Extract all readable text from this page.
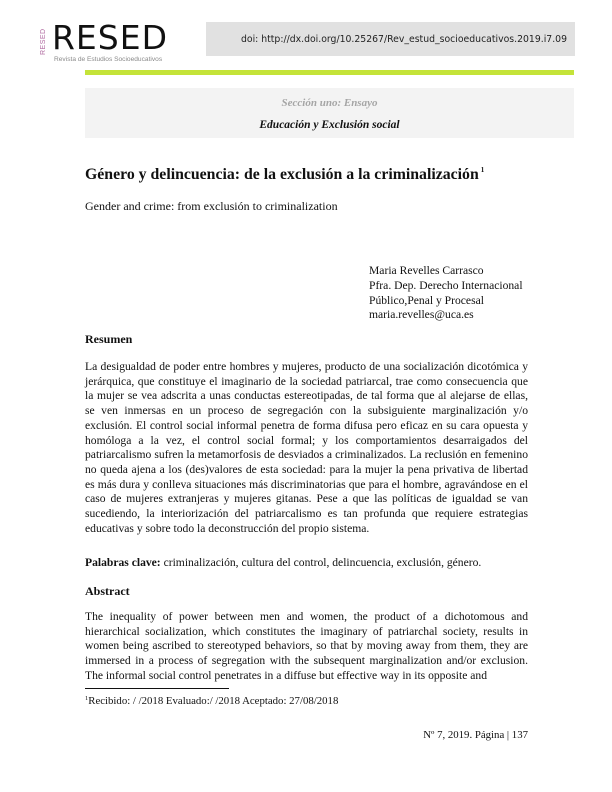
RESED RESED
Revista de Estudios Socioeducativos
doi: http://dx.doi.org/10.25267/Rev_estud_socioeducativos.2019.i7.09
Sección uno: Ensayo
Educación y Exclusión social
Género y delincuencia: de la exclusión a la criminalización $^1$
Gender and crime: from exclusión to criminalization
Maria Revelles Carrasco
Pfra. Dep. Derecho Internacional
Público,Penal y Procesal
maria.revelles@uca.es
Resumen
La desigualdad de poder entre hombres y mujeres, producto de una socialización dicotómica y jerárquica, que constituye el imaginario de la sociedad patriarcal, trae como consecuencia que la mujer se vea adscrita a unas conductas estereotipadas, de tal forma que al alejarse de ellas, se ven inmersas en un proceso de segregación con la subsiguiente marginalización y/o exclusión. El control social informal penetra de forma difusa pero eficaz en su cara opuesta y homóloga a la vez, el control social formal; y los comportamientos desarraigados del patriarcalismo sufren la metamorfosis de desviados a criminalizados. La reclusión en femenino no queda ajena a los (des)valores de esta sociedad: para la mujer la pena privativa de libertad es más dura y conlleva situaciones más discriminatorias que para el hombre, agravándose en el caso de mujeres extranjeras y mujeres gitanas. Pese a que las políticas de igualdad se van sucediendo, la interiorización del patriarcalismo es tan profunda que requiere estrategias educativas y sobre todo la deconstrucción del propio sistema.
Palabras clave: criminalización, cultura del control, delincuencia, exclusión, género.
Abstract
The inequality of power between men and women, the product of a dichotomous and hierarchical socialization, which constitutes the imaginary of patriarchal society, results in women being ascribed to stereotyped behaviors, so that by moving away from them, they are immersed in a process of segregation with the subsequent marginalization and/or exclusion. The informal social control penetrates in a diffuse but effective way in its opposite and
$^1$Recibido: / /2018 Evaluado:/ /2018 Aceptado: 27/08/2018
Nº 7, 2019. Página | 137
